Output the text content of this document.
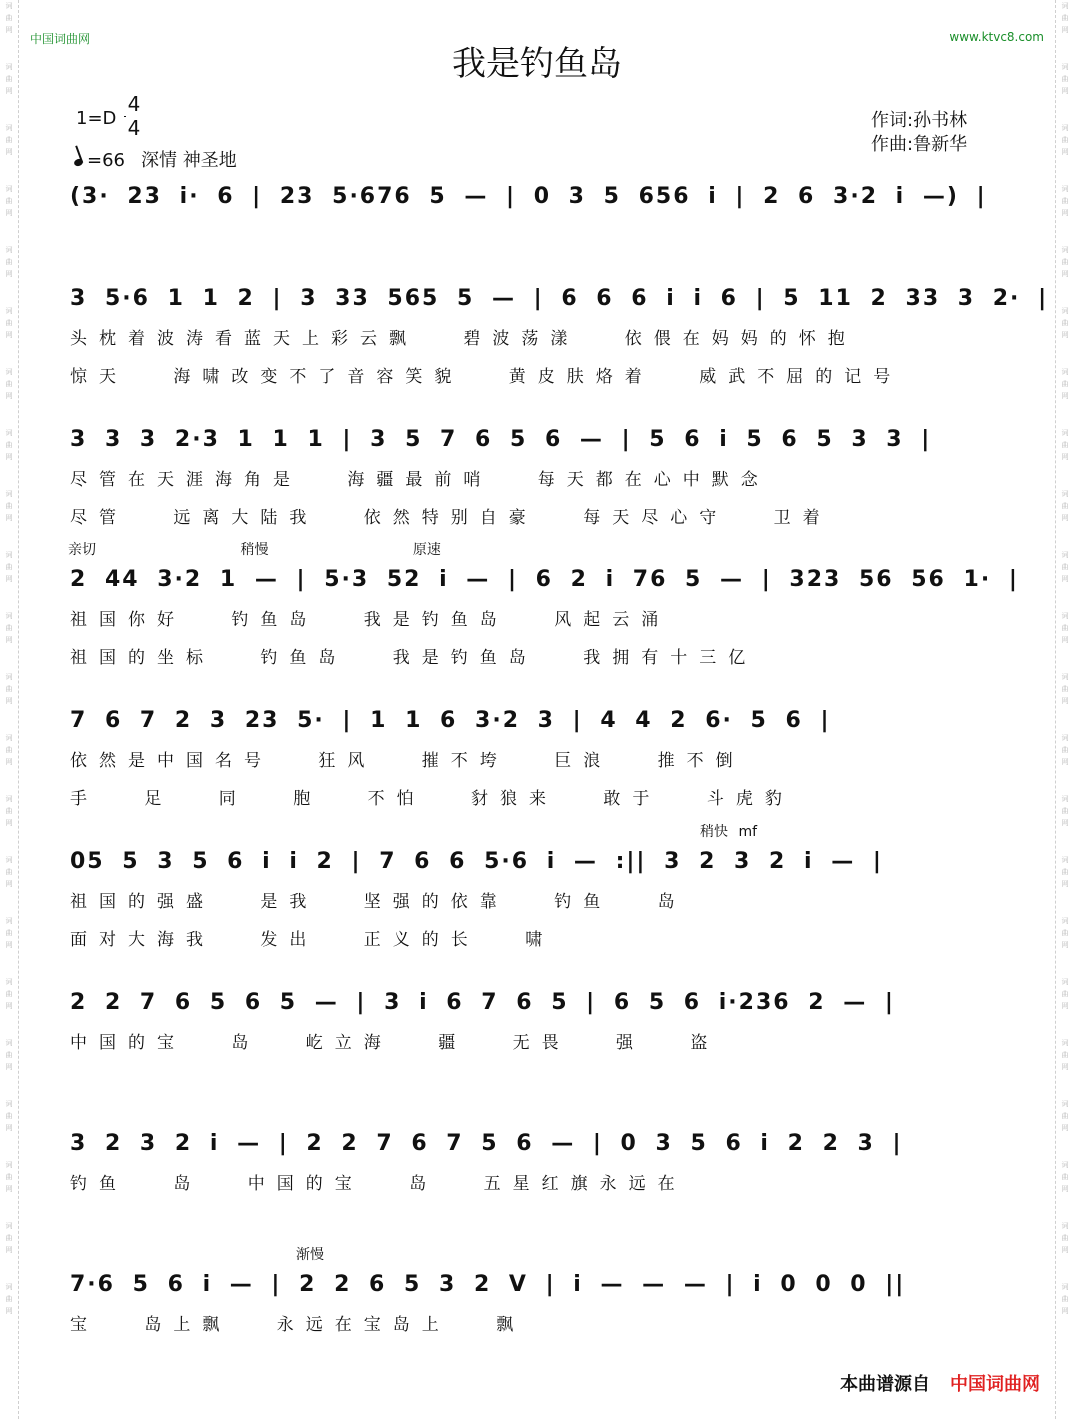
词
曲
网
词
曲
网
词
曲
网
词
曲
网
词
曲
网
词
曲
网
词
曲
网
词
曲
网
词
曲
网
词
曲
网
词
曲
网
词
曲
网
词
曲
网
词
曲
网
词
曲
网
词
曲
网
词
曲
网
词
曲
网
词
曲
网
词
曲
网
词
曲
网
词
曲
网
词
曲
网
词
曲
网
词
曲
网
词
曲
网
词
曲
网
词
曲
网
词
曲
网
词
曲
网
词
曲
网
词
曲
网
词
曲
网
词
曲
网
词
曲
网
词
曲
网
词
曲
网
词
曲
网
词
曲
网
词
曲
网
词
曲
网
词
曲
网
词
曲
网
词
曲
网
中国词曲网	www.ktvc8.com
我是钓鱼岛
1=D
4
4
=66 深情 神圣地
作词:孙书林
作曲:鲁新华
(3· 23 i· 6 | 23 5·676 5 — | 0 3 5 656 i | 2 6 3·2 i —) |
3 5·6 1 1 2 | 3 33 565 5 — | 6 6 6 i i 6 | 5 11 2 33 3 2· |
头枕着波涛看蓝天上彩云飘 碧波荡漾 依偎在妈妈的怀抱
惊天 海啸改变不了音容笑貌 黄皮肤烙着 威武不屈的记号
3 3 3 2·3 1 1 1 | 3 5 7 6 5 6 — | 5 6 i 5 6 5 3 3 |
尽管在天涯海角是 海疆最前哨 每天都在心中默念
尽管 远离大陆我 依然特别自豪 每天尽心守 卫着
2 44 3·2 1 — | 5·3 52 i — | 6 2 i 76 5 — | 323 56 56 1· |
亲切 稍慢 原速
祖国你好 钓鱼岛 我是钓鱼岛 风起云涌
祖国的坐标 钓鱼岛 我是钓鱼岛 我拥有十三亿
7 6 7 2 3 23 5· | 1 1 6 3·2 3 | 4 4 2 6· 5 6 |
依然是中国名号 狂风 摧不垮 巨浪 推不倒
手 足 同 胞 不怕 豺狼来 敢于 斗虎豹
05 5 3 5 6 i i 2 | 7 6 6 5·6 i — :|| 3 2 3 2 i — |
稍快 mf
祖国的强盛 是我 坚强的依靠 钓鱼 岛
面对大海我 发出 正义的长 啸
2 2 7 6 5 6 5 — | 3 i 6 7 6 5 | 6 5 6 i·236 2 — |
中国的宝 岛 屹立海 疆 无畏 强 盗
3 2 3 2 i — | 2 2 7 6 7 5 6 — | 0 3 5 6 i 2 2 3 |
钓鱼 岛 中国的宝 岛 五星红旗永远在
7·6 5 6 i — | 2 2 6 5 3 2 V | i — — — | i 0 0 0 ||
渐慢
宝 岛上飘 永远在宝岛上 飘
本曲谱源自 中国词曲网
